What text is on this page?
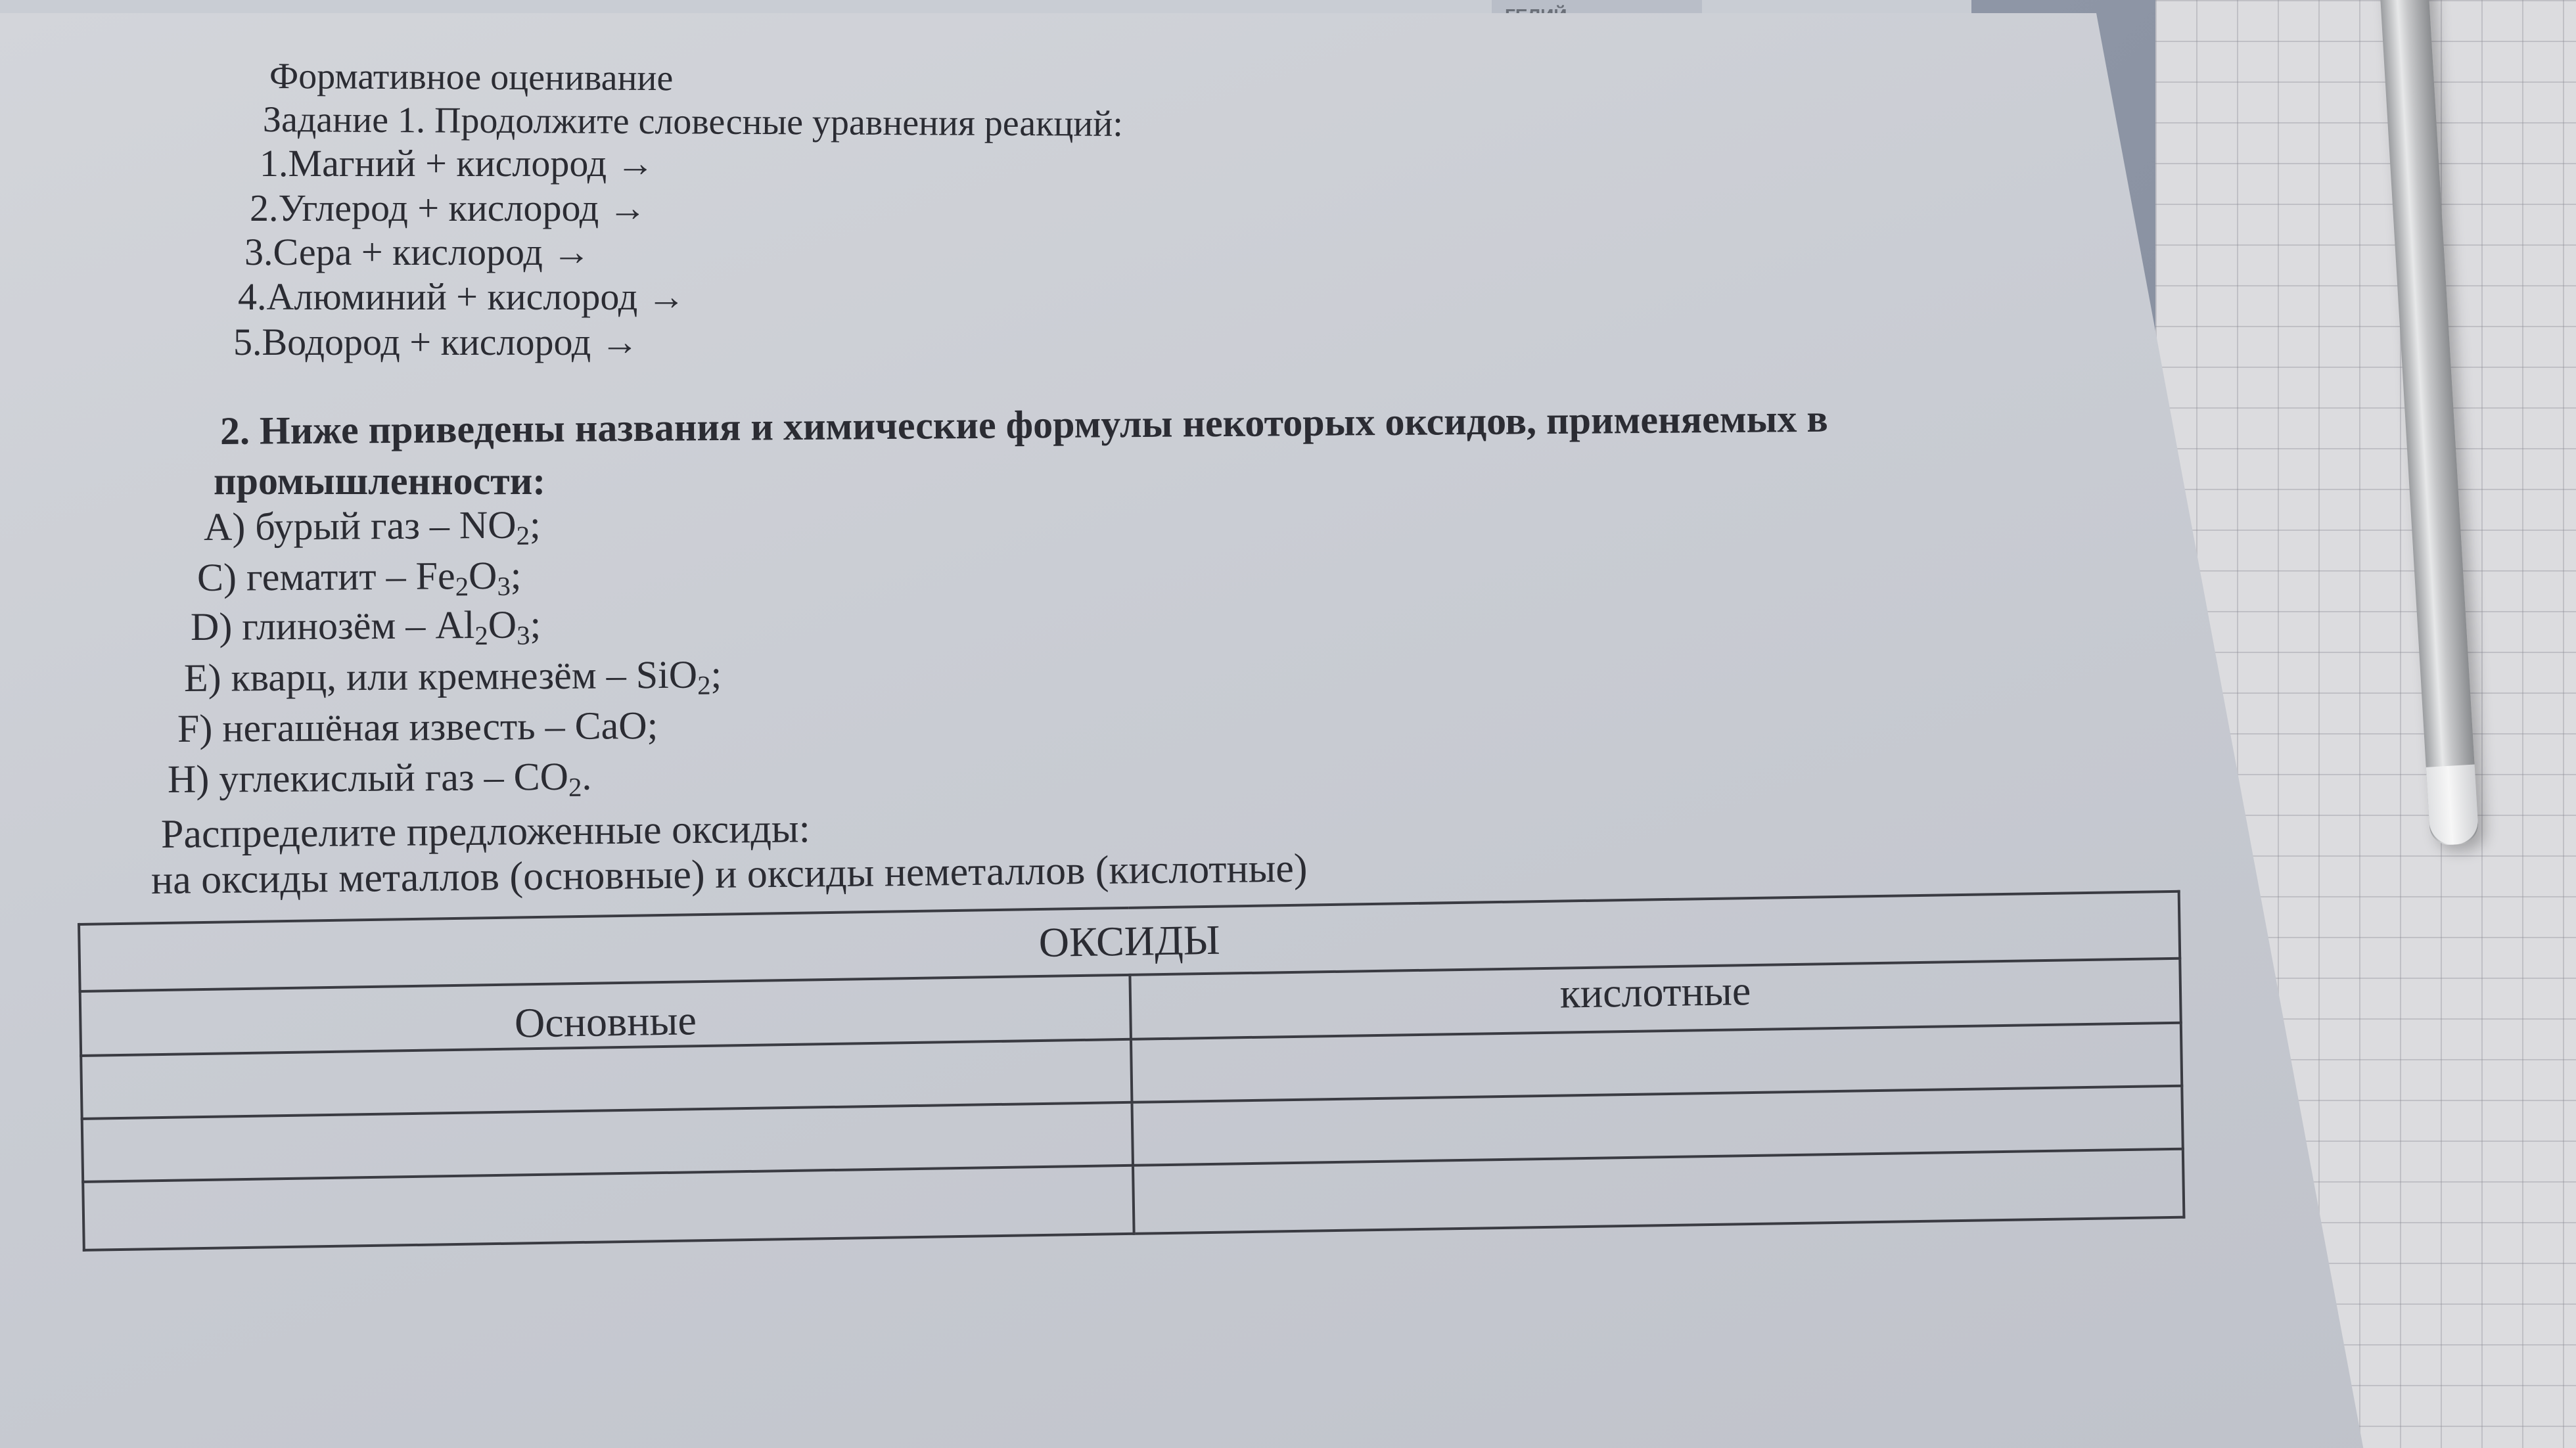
Формативное оценивание
Задание 1. Продолжите словесные уравнения реакций:
1.Магний + кислород →
2.Углерод + кислород →
3.Сера + кислород →
4.Алюминий + кислород →
5.Водород + кислород →
2. Ниже приведены названия и химические формулы некоторых оксидов, применяемых в
промышленности:
A) бурый газ – $NO_2$;
C) гематит – $Fe_2O_3$;
D) глинозём – $Al_2O_3$;
E) кварц, или кремнезём – SiO$_2$;
F) негашёная известь – CaO;
H) углекислый газ – $CO_2$.
Распределите предложенные оксиды:
на оксиды металлов (основные) и оксиды неметаллов (кислотные)
ОКСИДЫ	
Основные	кислотные
